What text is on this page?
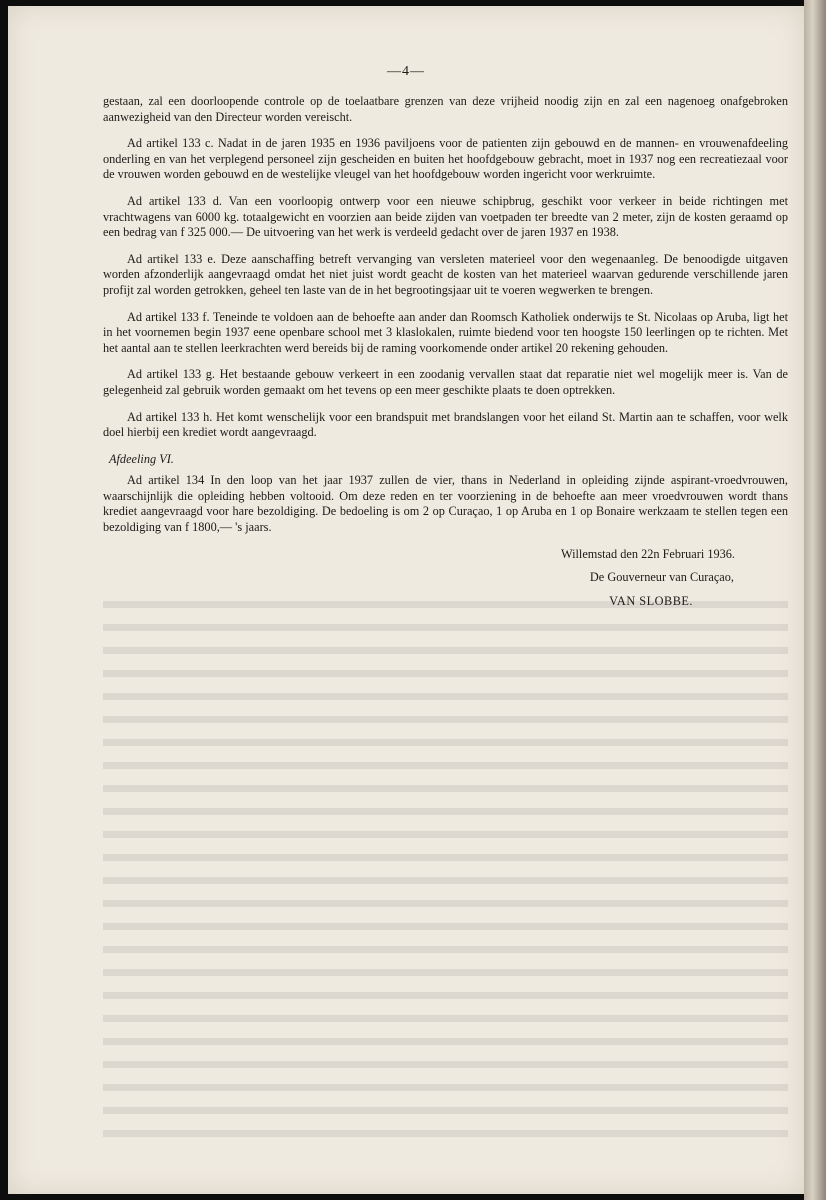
—4—

gestaan, zal een doorloopende controle op de toelaatbare grenzen van deze vrijheid noodig zijn en zal een nagenoeg onafgebroken aanwezigheid van den Directeur worden vereischt.

Ad artikel 133 c. Nadat in de jaren 1935 en 1936 paviljoens voor de patienten zijn gebouwd en de mannen- en vrouwenafdeeling onderling en van het verplegend personeel zijn gescheiden en buiten het hoofdgebouw gebracht, moet in 1937 nog een recreatiezaal voor de vrouwen worden gebouwd en de westelijke vleugel van het hoofdgebouw worden ingericht voor werkruimte.

Ad artikel 133 d. Van een voorloopig ontwerp voor een nieuwe schipbrug, geschikt voor verkeer in beide richtingen met vrachtwagens van 6000 kg. totaalgewicht en voorzien aan beide zijden van voetpaden ter breedte van 2 meter, zijn de kosten geraamd op een bedrag van f 325 000.— De uitvoering van het werk is verdeeld gedacht over de jaren 1937 en 1938.

Ad artikel 133 e. Deze aanschaffing betreft vervanging van versleten materieel voor den wegenaanleg. De benoodigde uitgaven worden afzonderlijk aangevraagd omdat het niet juist wordt geacht de kosten van het materieel waarvan gedurende verschillende jaren profijt zal worden getrokken, geheel ten laste van de in het begrootingsjaar uit te voeren wegwerken te brengen.

Ad artikel 133 f. Teneinde te voldoen aan de behoefte aan ander dan Roomsch Katholiek onderwijs te St. Nicolaas op Aruba, ligt het in het voornemen begin 1937 eene openbare school met 3 klaslokalen, ruimte biedend voor ten hoogste 150 leerlingen op te richten. Met het aantal aan te stellen leerkrachten werd bereids bij de raming voorkomende onder artikel 20 rekening gehouden.

Ad artikel 133 g. Het bestaande gebouw verkeert in een zoodanig vervallen staat dat reparatie niet wel mogelijk meer is. Van de gelegenheid zal gebruik worden gemaakt om het tevens op een meer geschikte plaats te doen optrekken.

Ad artikel 133 h. Het komt wenschelijk voor een brandspuit met brandslangen voor het eiland St. Martin aan te schaffen, voor welk doel hierbij een krediet wordt aangevraagd.

Afdeeling VI.

Ad artikel 134 In den loop van het jaar 1937 zullen de vier, thans in Nederland in opleiding zijnde aspirant-vroedvrouwen, waarschijnlijk die opleiding hebben voltooid. Om deze reden en ter voorziening in de behoefte aan meer vroedvrouwen wordt thans krediet aangevraagd voor hare bezoldiging. De bedoeling is om 2 op Curaçao, 1 op Aruba en 1 op Bonaire werkzaam te stellen tegen een bezoldiging van f 1800,— 's jaars.

Willemstad den 22n Februari 1936.
De Gouverneur van Curaçao,
VAN SLOBBE.
